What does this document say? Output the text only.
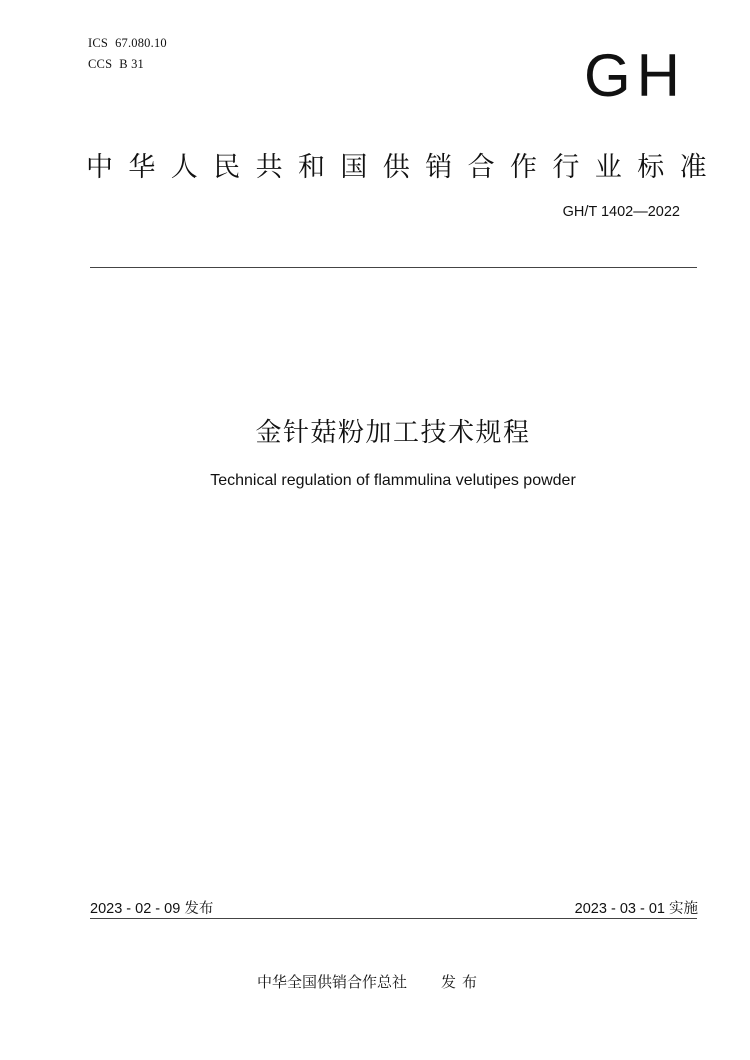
ICS 67.080.10
CCS B 31	GH
中华人民共和国供销合作行业标准
GH/T 1402—2022
金针菇粉加工技术规程
Technical regulation of flammulina velutipes powder
2023 - 02 - 09 发布	2023 - 03 - 01 实施
中华全国供销合作总社 发布
